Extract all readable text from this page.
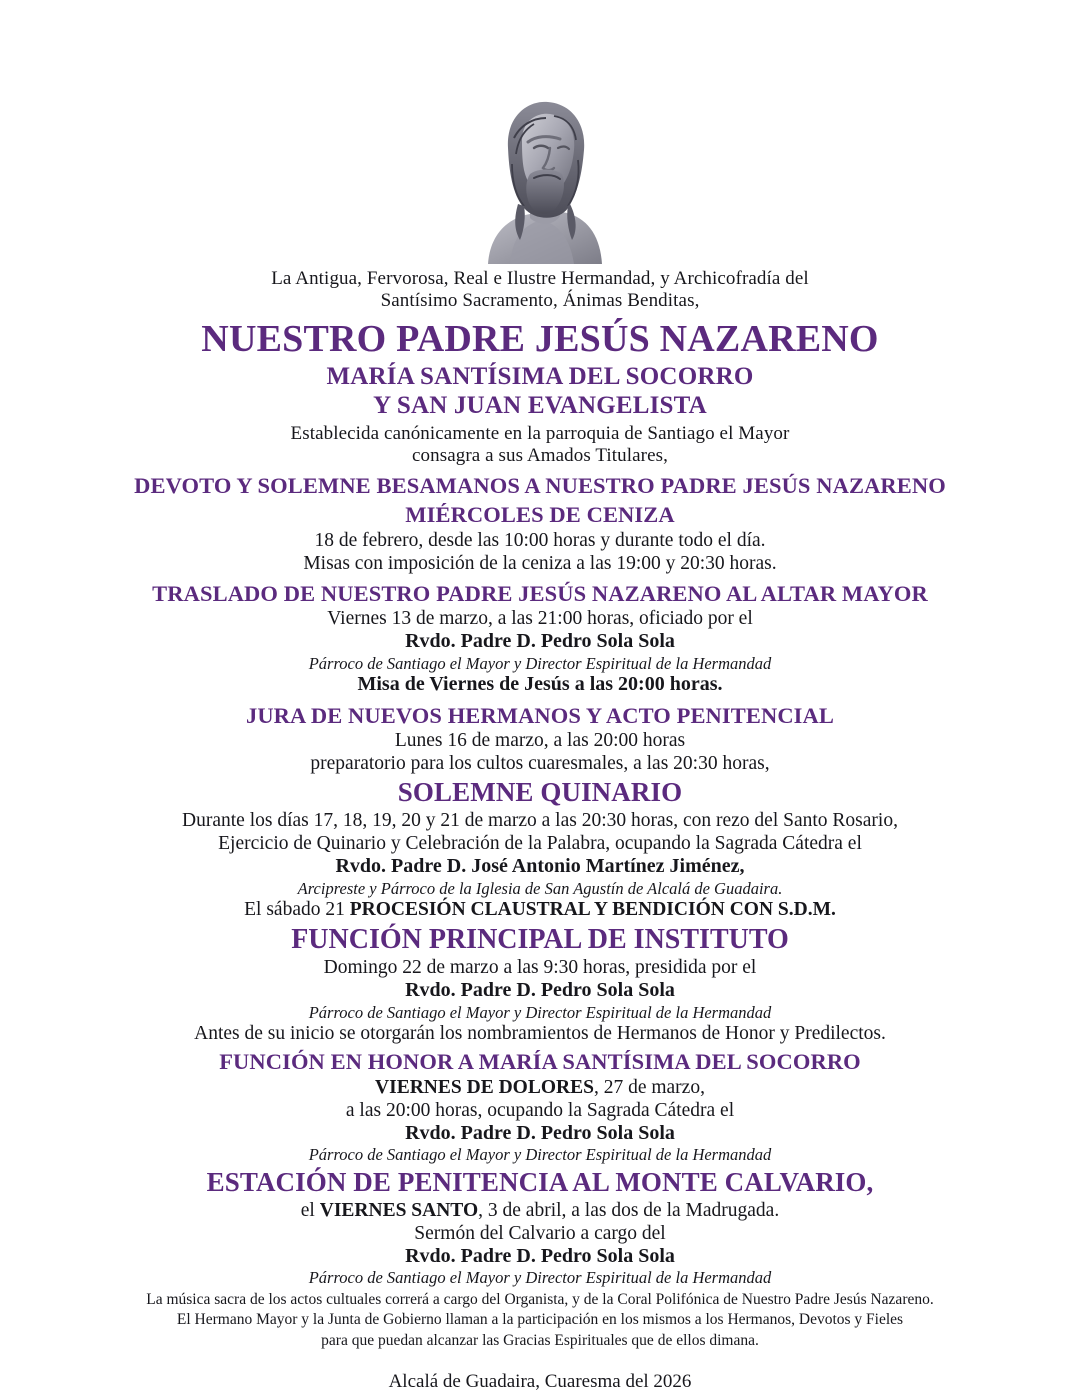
La Antigua, Fervorosa, Real e Ilustre Hermandad, y Archicofradía del
Santísimo Sacramento, Ánimas Benditas,
NUESTRO PADRE JESÚS NAZARENO
MARÍA SANTÍSIMA DEL SOCORRO
Y SAN JUAN EVANGELISTA
Establecida canónicamente en la parroquia de Santiago el Mayor
consagra a sus Amados Titulares,
DEVOTO Y SOLEMNE BESAMANOS A NUESTRO PADRE JESÚS NAZARENO
MIÉRCOLES DE CENIZA
18 de febrero, desde las 10:00 horas y durante todo el día.
Misas con imposición de la ceniza a las 19:00 y 20:30 horas.
TRASLADO DE NUESTRO PADRE JESÚS NAZARENO AL ALTAR MAYOR
Viernes 13 de marzo, a las 21:00 horas, oficiado por el
Rvdo. Padre D. Pedro Sola Sola
Párroco de Santiago el Mayor y Director Espiritual de la Hermandad
Misa de Viernes de Jesús a las 20:00 horas.
JURA DE NUEVOS HERMANOS Y ACTO PENITENCIAL
Lunes 16 de marzo, a las 20:00 horas
preparatorio para los cultos cuaresmales, a las 20:30 horas,
SOLEMNE QUINARIO
Durante los días 17, 18, 19, 20 y 21 de marzo a las 20:30 horas, con rezo del Santo Rosario,
Ejercicio de Quinario y Celebración de la Palabra, ocupando la Sagrada Cátedra el
Rvdo. Padre D. José Antonio Martínez Jiménez,
Arcipreste y Párroco de la Iglesia de San Agustín de Alcalá de Guadaira.
El sábado 21 PROCESIÓN CLAUSTRAL Y BENDICIÓN CON S.D.M.
FUNCIÓN PRINCIPAL DE INSTITUTO
Domingo 22 de marzo a las 9:30 horas, presidida por el
Rvdo. Padre D. Pedro Sola Sola
Párroco de Santiago el Mayor y Director Espiritual de la Hermandad
Antes de su inicio se otorgarán los nombramientos de Hermanos de Honor y Predilectos.
FUNCIÓN EN HONOR A MARÍA SANTÍSIMA DEL SOCORRO
VIERNES DE DOLORES, 27 de marzo,
a las 20:00 horas, ocupando la Sagrada Cátedra el
Rvdo. Padre D. Pedro Sola Sola
Párroco de Santiago el Mayor y Director Espiritual de la Hermandad
ESTACIÓN DE PENITENCIA AL MONTE CALVARIO,
el VIERNES SANTO, 3 de abril, a las dos de la Madrugada.
Sermón del Calvario a cargo del
Rvdo. Padre D. Pedro Sola Sola
Párroco de Santiago el Mayor y Director Espiritual de la Hermandad
La música sacra de los actos cultuales correrá a cargo del Organista, y de la Coral Polifónica de Nuestro Padre Jesús Nazareno.
El Hermano Mayor y la Junta de Gobierno llaman a la participación en los mismos a los Hermanos, Devotos y Fieles
para que puedan alcanzar las Gracias Espirituales que de ellos dimana.
Alcalá de Guadaira, Cuaresma del 2026
